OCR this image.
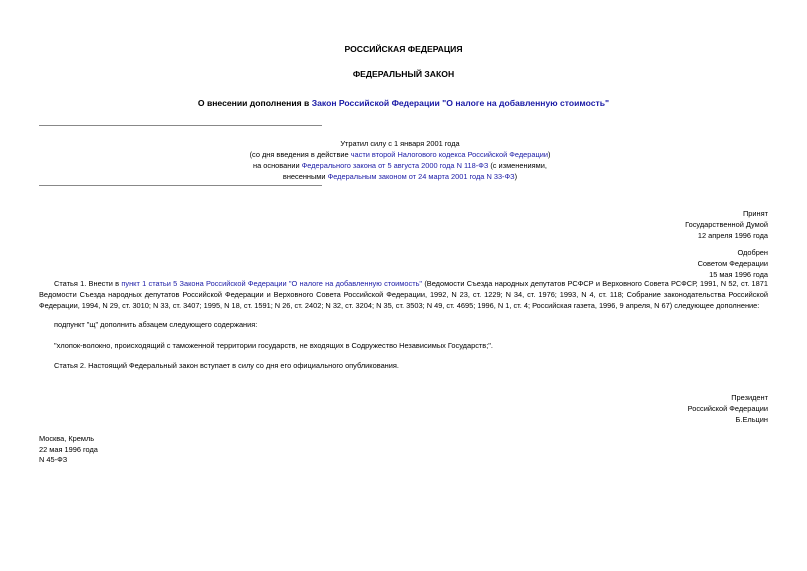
РОССИЙСКАЯ ФЕДЕРАЦИЯ
ФЕДЕРАЛЬНЫЙ ЗАКОН
О внесении дополнения в Закон Российской Федерации "О налоге на добавленную стоимость"
Утратил силу с 1 января 2001 года
(со дня введения в действие части второй Налогового кодекса Российской Федерации)
на основании Федерального закона от 5 августа 2000 года N 118-ФЗ (с изменениями,
внесенными Федеральным законом от 24 марта 2001 года N 33-ФЗ)
Принят
Государственной Думой
12 апреля 1996 года
Одобрен
Советом Федерации
15 мая 1996 года
Статья 1. Внести в пункт 1 статьи 5 Закона Российской Федерации "О налоге на добавленную стоимость" (Ведомости Съезда народных депутатов РСФСР и Верховного Совета РСФСР, 1991, N 52, ст. 1871 Ведомости Съезда народных депутатов Российской Федерации и Верховного Совета Российской Федерации, 1992, N 23, ст. 1229; N 34, ст. 1976; 1993, N 4, ст. 118; Собрание законодательства Российской Федерации, 1994, N 29, ст. 3010; N 33, ст. 3407; 1995, N 18, ст. 1591; N 26, ст. 2402; N 32, ст. 3204; N 35, ст. 3503; N 49, ст. 4695; 1996, N 1, ст. 4; Российская газета, 1996, 9 апреля, N 67) следующее дополнение:
подпункт "щ" дополнить абзацем следующего содержания:
"хлопок-волокно, происходящий с таможенной территории государств, не входящих в Содружество Независимых Государств;".
Статья 2. Настоящий Федеральный закон вступает в силу со дня его официального опубликования.
Президент
Российской Федерации
Б.Ельцин
Москва, Кремль
22 мая 1996 года
N 45-ФЗ
